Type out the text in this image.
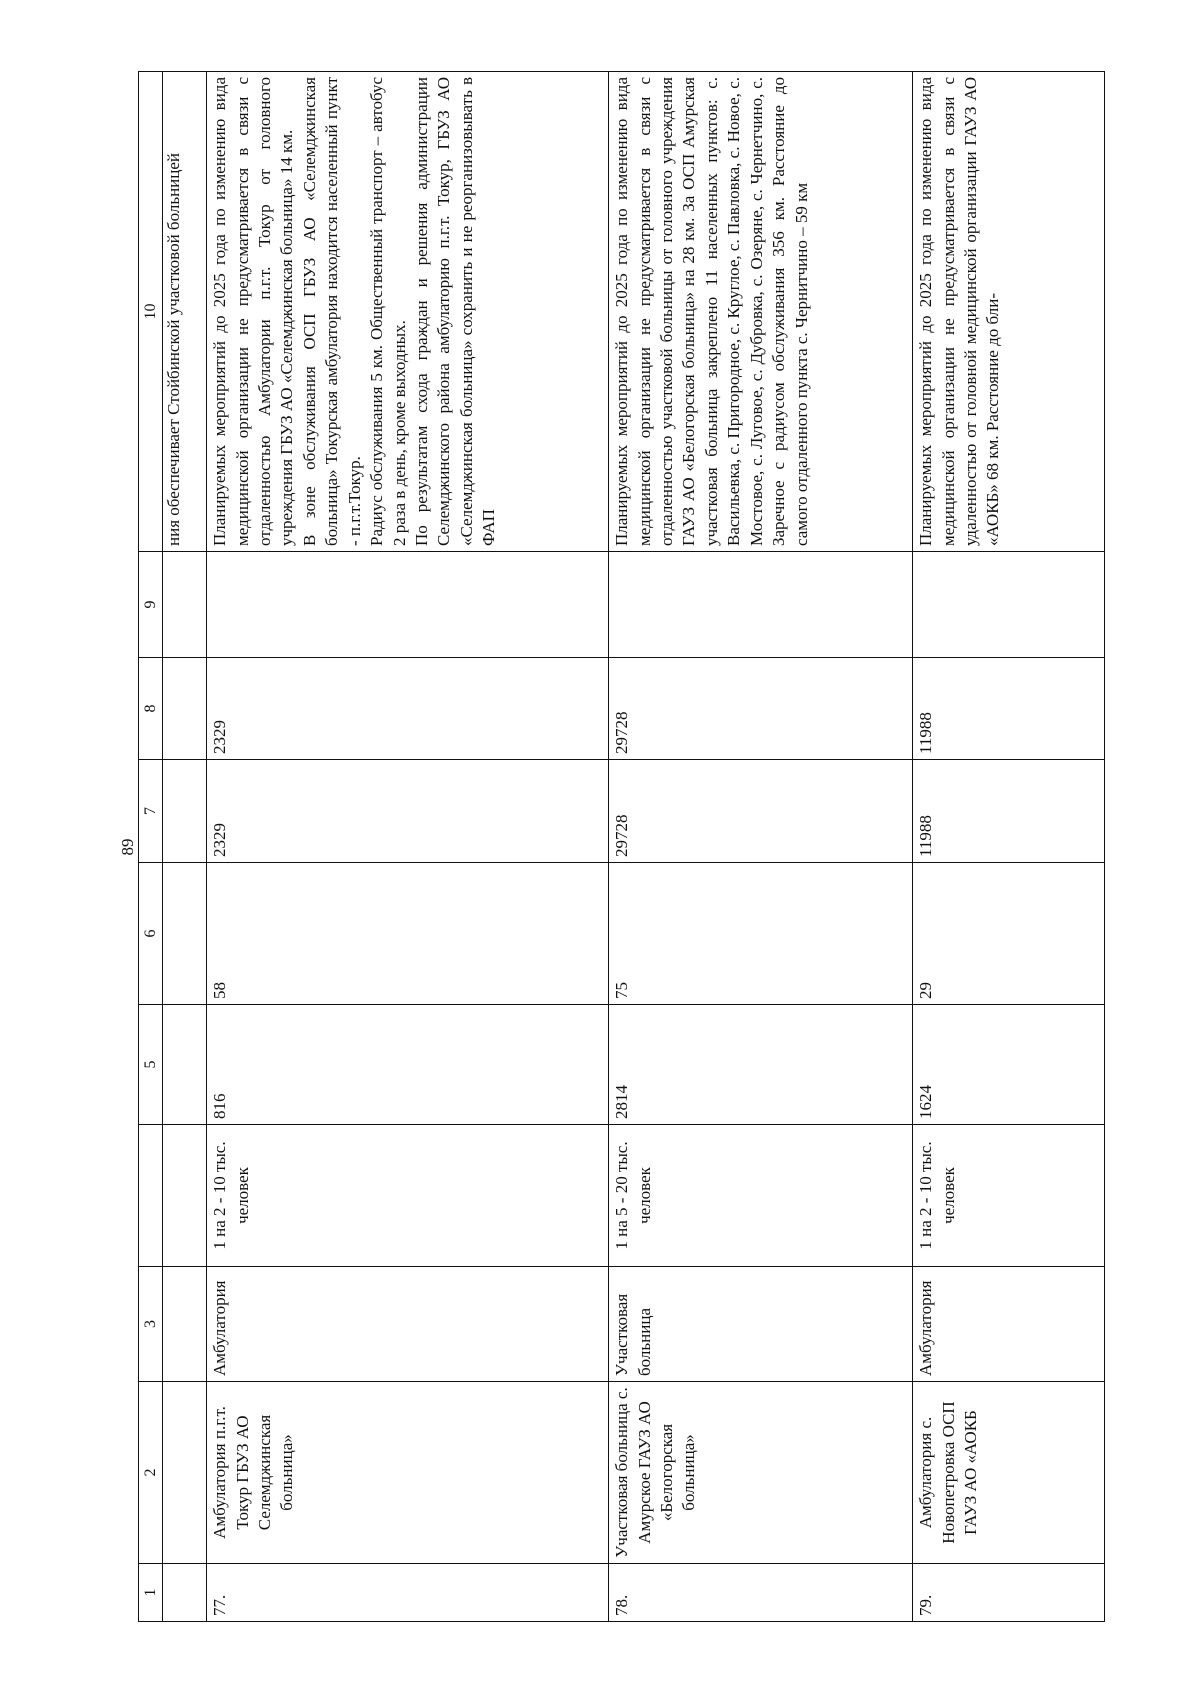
89
1	2	3		5	6	7	8	9	10
									ния обеспечивает Стойбинской участковой больницей
77.	Амбулатория п.г.т. Токур ГБУЗ АО Селемджинская больница»	Амбулатория	1 на 2 - 10 тыс. человек	816	58	2329	2329		Планируемых мероприятий до 2025 года по изменению вида медицинской организации не предусматривается в связи с отдаленностью Амбулатории п.г.т. Токур от головного учреждения ГБУЗ АО «Селемджинская больница» 14 км. В зоне обслуживания ОСП ГБУЗ АО «Селемджинская больница» Токурская амбулатория находится населенный пункт - п.г.т.Токур. Радиус обслуживания 5 км. Общественный транспорт – автобус 2 раза в день, кроме выходных. По результатам схода граждан и решения администрации Селемджинского района амбулаторию п.г.т. Токур, ГБУЗ АО «Селемджинская больница» сохранить и не реорганизовывать в ФАП

78.	Участковая больница с. Амурское ГАУЗ АО «Белогорская больница»	Участковая больница	1 на 5 - 20 тыс. человек	2814	75	29728	29728		Планируемых мероприятий до 2025 года по изменению вида медицинской организации не предусматривается в связи с отдаленностью участковой больницы от головного учреждения ГАУЗ АО «Белогорская больница» на 28 км. За ОСП Амурская участковая больница закреплено 11 населенных пунктов: с. Васильевка, с. Пригородное, с. Круглое, с. Павловка, с. Новое, с. Мостовое, с. Луговое, с. Дубровка, с. Озеряне, с. Чернетчино, с. Заречное с радиусом обслуживания 356 км. Расстояние до самого отдаленного пункта с. Чернитчино – 59 км

79.	Амбулатория с. Новопетровка ОСП ГАУЗ АО «АОКБ	Амбулатория	1 на 2 - 10 тыс. человек	1624	29	11988	11988		Планируемых мероприятий до 2025 года по изменению вида медицинской организации не предусматривается в связи с удаленностью от головной медицинской организации ГАУЗ АО «АОКБ» 68 км. Расстояние до бли-
